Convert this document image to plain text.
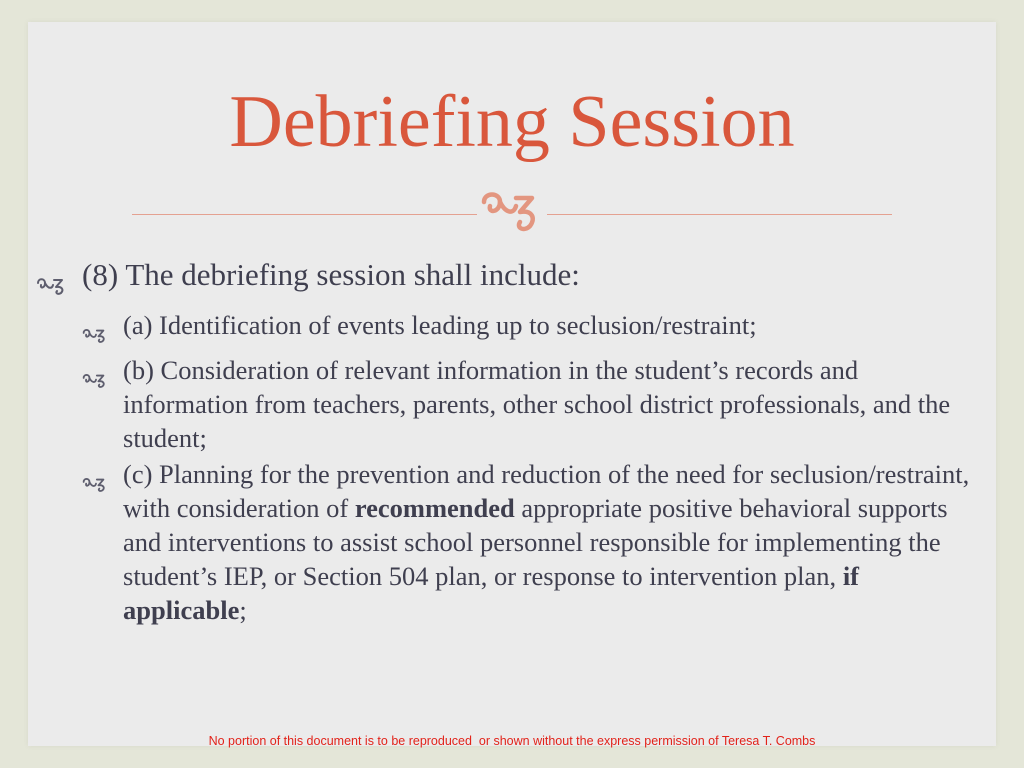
Debriefing Session
(8) The debriefing session shall include:
(a) Identification of events leading up to seclusion/restraint;
(b) Consideration of relevant information in the student’s records and information from teachers, parents, other school district professionals, and the student;
(c) Planning for the prevention and reduction of the need for seclusion/restraint, with consideration of recommended appropriate positive behavioral supports and interventions to assist school personnel responsible for implementing the student’s IEP, or Section 504 plan, or response to intervention plan, if applicable;
No portion of this document is to be reproduced  or shown without the express permission of Teresa T. Combs
